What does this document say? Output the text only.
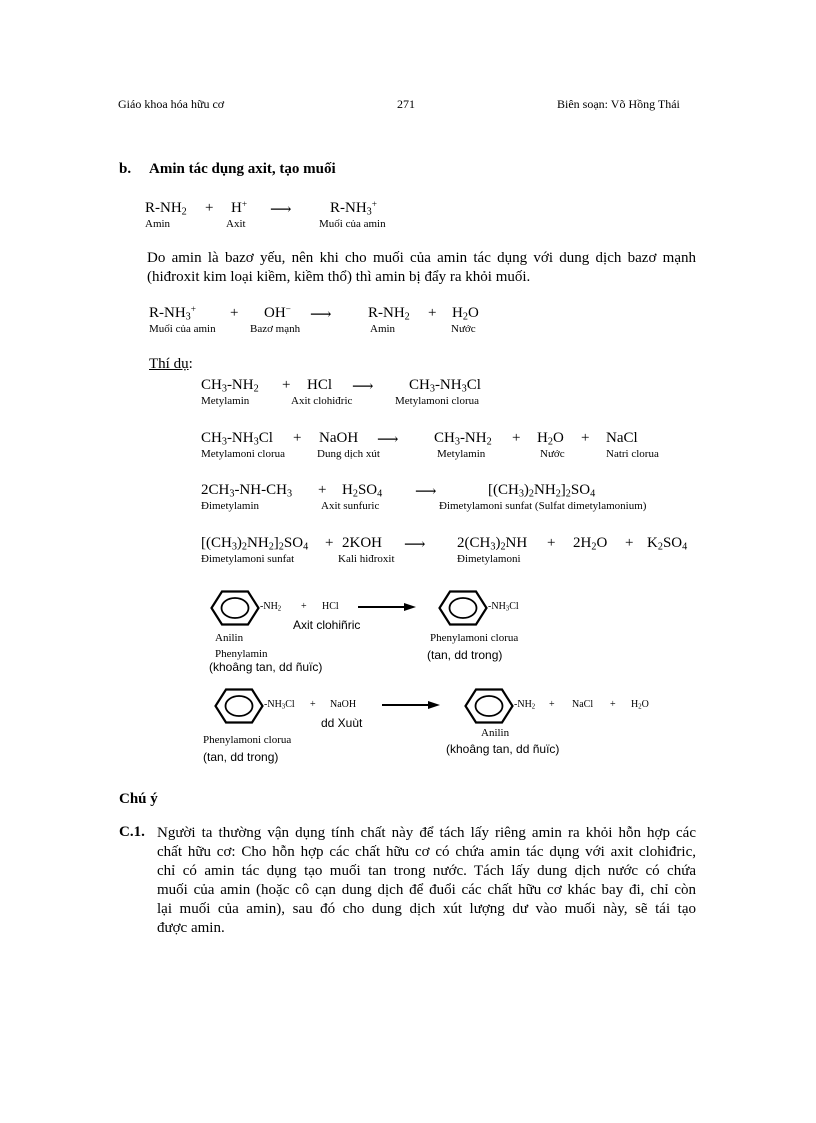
Giáo khoa hóa hữu cơ	271	Biên soạn: Võ Hồng Thái
b. Amin tác dụng axit, tạo muối
$R-NH_2 + H^+$ ⟶	$R-NH_3^+$
Amin	Axit	Muối của amin
Do amin là bazơ yếu, nên khi cho muối của amin tác dụng với dung dịch bazơ mạnh
(hiđroxit kim loại kiềm, kiềm thổ) thì amin bị đẩy ra khỏi muối.
$R-NH_3^+ + OH^-$ ⟶ $R-NH_2 + H_2O$
Muối của amin	Bazơ mạnh	Amin	Nước
Thí dụ:
$CH_3-NH_2$ + HCl ⟶ $CH_3-NH_3Cl$
Metylamin	Axit clohiđric	Metylamoni clorua
$CH_3-NH_3Cl$ + NaOH ⟶ $CH_3-NH_2 + H_2O$ + NaCl
Metylamoni clorua	Dung dịch xút	Metylamin	Nước	Natri clorua
$2CH_3-NH-CH_3 + H_2SO_4$ ⟶	$[(CH_3)_2NH_2]_2SO_4$
Đimetylamin	Axit sunfuric	Đimetylamoni sunfat (Sulfat dimetylamonium)
$[(CH_3)_2NH_2]_2SO_4 + 2KOH$ ⟶ $2(CH_3)_2NH + 2H_2O + K_2SO_4$
Đimetylamoni sunfat	Kali hiđroxit	Đimetylamoni
$-NH_2$ + HCl →
Axit clohiñric
$-NH_3Cl$
Anilin
Phenylamin
(khoâng tan, dd ñuïc)
Phenylamoni clorua
(tan, dd trong)
$-NH_3Cl$ + NaOH
dd Xuùt
$-NH_2$ + NaCl + $H_2O$
Phenylamoni clorua
(tan, dd trong)
Anilin
(khoâng tan, dd ñuïc)
Chú ý
C.1. Người ta thường vận dụng tính chất này để tách lấy riêng amin ra khỏi hỗn hợp các
chất hữu cơ: Cho hỗn hợp các chất hữu cơ có chứa amin tác dụng với axit clohiđric,
chỉ có amin tác dụng tạo muối tan trong nước. Tách lấy dung dịch nước có chứa
muối của amin (hoặc cô cạn dung dịch để đuổi các chất hữu cơ khác bay đi, chỉ còn
lại muối của amin), sau đó cho dung dịch xút lượng dư vào muối này, sẽ tái tạo
được amin.
